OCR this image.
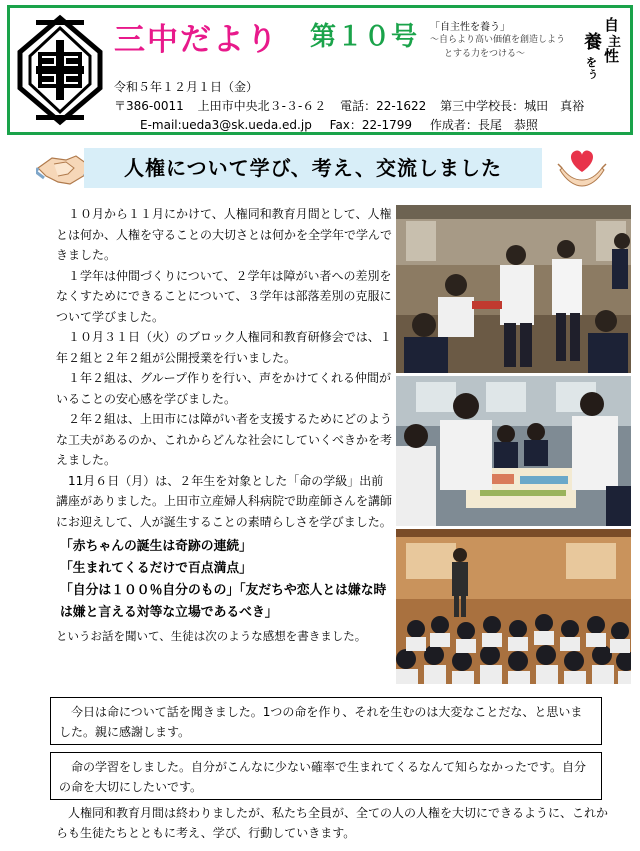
三中だより 第１０号 「自主性を養う」
～自らより高い価値を創造しよう
とする力をつける～
自
主
性
を
養
う
令和５年１２月１日（金）
〒386-0011 上田市中央北３-３-６２ 電話：22-1622 第三中学校長：城田　真裕
E-mail:ueda3@sk.ueda.ed.jp Fax：22-1799 作成者：長尾　恭照
人権について学び、考え、交流しました

１０月から１１月にかけて、人権同和教育月間として、人権とは何か、人権を守ることの大切さとは何かを全学年で学んできました。

１学年は仲間づくりについて、２学年は障がい者への差別をなくすためにできることについて、３学年は部落差別の克服について学びました。

１０月３１日（火）のブロック人権同和教育研修会では、１年２組と２年２組が公開授業を行いました。

１年２組は、グループ作りを行い、声をかけてくれる仲間がいることの安心感を学びました。

２年２組は、上田市には障がい者を支援するためにどのような工夫があるのか、これからどんな社会にしていくべきかを考えました。

11月６日（月）は、２年生を対象とした「命の学級」出前講座がありました。上田市立産婦人科病院で助産師さんを講師にお迎えして、人が誕生することの素晴らしさを学びました。

「赤ちゃんの誕生は奇跡の連続」
「生まれてくるだけで百点満点」
「自分は１００％自分のもの」「友だちや恋人とは嫌な時は嫌と言える対等な立場であるべき」
というお話を聞いて、生徒は次のような感想を書きました。
今日は命について話を聞きました。1つの命を作り、それを生むのは大変なことだな、と思いました。親に感謝します。
命の学習をしました。自分がこんなに少ない確率で生まれてくるなんて知らなかったです。自分の命を大切にしたいです。
人権同和教育月間は終わりましたが、私たち全員が、全ての人の人権を大切にできるように、これからも生徒たちとともに考え、学び、行動していきます。
